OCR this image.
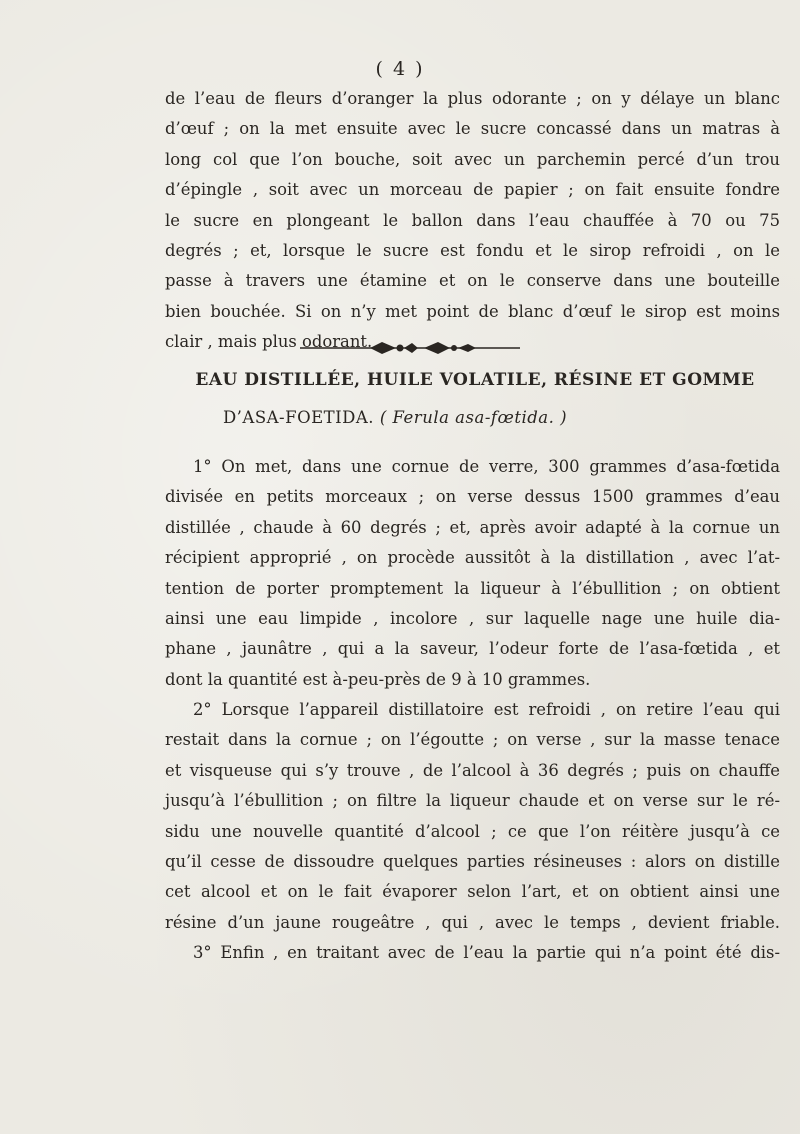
( 4 )
de l’eau de fleurs d’oranger la plus odorante ; on y délaye un blanc
d’œuf ; on la met ensuite avec le sucre concassé dans un matras à
long col que l’on bouche, soit avec un parchemin percé d’un trou
d’épingle , soit avec un morceau de papier ; on fait ensuite fondre
le sucre en plongeant le ballon dans l’eau chauffée à 70 ou 75
degrés ; et, lorsque le sucre est fondu et le sirop refroidi , on le
passe à travers une étamine et on le conserve dans une bouteille
bien bouchée. Si on n’y met point de blanc d’œuf le sirop est moins
clair , mais plus odorant.
EAU DISTILLÉE, HUILE VOLATILE, RÉSINE ET GOMME
D’ASA-FOETIDA. ( Ferula asa-fœtida. )
1° On met, dans une cornue de verre, 300 grammes d’asa-fœtida
divisée en petits morceaux ; on verse dessus 1500 grammes d’eau
distillée , chaude à 60 degrés ; et, après avoir adapté à la cornue un
récipient approprié , on procède aussitôt à la distillation , avec l’at-
tention de porter promptement la liqueur à l’ébullition ; on obtient
ainsi une eau limpide , incolore , sur laquelle nage une huile dia-
phane , jaunâtre , qui a la saveur, l’odeur forte de l’asa-fœtida , et
dont la quantité est à-peu-près de 9 à 10 grammes.
2° Lorsque l’appareil distillatoire est refroidi , on retire l’eau qui
restait dans la cornue ; on l’égoutte ; on verse , sur la masse tenace
et visqueuse qui s’y trouve , de l’alcool à 36 degrés ; puis on chauffe
jusqu’à l’ébullition ; on filtre la liqueur chaude et on verse sur le ré-
sidu une nouvelle quantité d’alcool ; ce que l’on réitère jusqu’à ce
qu’il cesse de dissoudre quelques parties résineuses : alors on distille
cet alcool et on le fait évaporer selon l’art, et on obtient ainsi une
résine d’un jaune rougeâtre , qui , avec le temps , devient friable.
3° Enfin , en traitant avec de l’eau la partie qui n’a point été dis-
